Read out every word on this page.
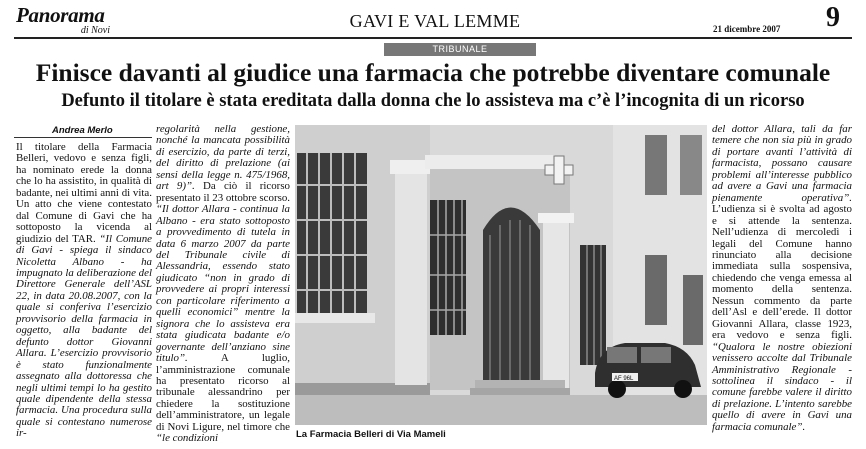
Panorama
di Novi	GAVI E VAL LEMME	21 dicembre 2007 9
TRIBUNALE
Finisce davanti al giudice una farmacia che potrebbe diventare comunale
Defunto il titolare è stata ereditata dalla donna che lo assisteva ma c’è l’incognita di un ricorso
Andrea Merlo

Il titolare della Farmacia Belleri, vedovo e senza figli, ha nominato erede la donna che lo ha assistito, in qualità di badante, nei ultimi anni di vita. Un atto che viene contestato dal Comune di Gavi che ha sottoposto la vicenda al giudizio del TAR. “Il Comune di Gavi - spiega il sindaco Nicoletta Albano - ha impugnato la deliberazione del Direttore Generale dell’ASL 22, in data 20.08.2007, con la quale si conferiva l’esercizio provvisorio della farmacia in oggetto, alla badante del defunto dottor Giovanni Allara. L’esercizio provvisorio è stato funzionalmente assegnato alla dottoressa che negli ultimi tempi lo ha gestito quale dipendente della stessa farmacia. Una procedura sulla quale si contestano numerose ir-

regolarità nella gestione, nonché la mancata possibilità di esercizio, da parte di terzi, del diritto di prelazione (ai sensi della legge n. 475/1968, art 9)”. Da ciò il ricorso presentato il 23 ottobre scorso. “Il dottor Allara - continua la Albano - era stato sottoposto a provvedimento di tutela in data 6 marzo 2007 da parte del Tribunale civile di Alessandria, essendo stato giudicato “non in grado di provvedere ai propri interessi con particolare riferimento a quelli economici” mentre la signora che lo assisteva era stata giudicata badante e/o governante dell’anziano sine titulo”. A luglio, l’amministrazione comunale ha presentato ricorso al tribunale alessandrino per chiedere la sostituzione dell’amministratore, un legale di Novi Ligure, nel timore che “le condizioni

AF 96L
La Farmacia Belleri di Via Mameli

del dottor Allara, tali da far temere che non sia più in grado di portare avanti l’attività di farmacista, possano causare problemi all’interesse pubblico ad avere a Gavi una farmacia pienamente operativa”. L’udienza si è svolta ad agosto e si attende la sentenza. Nell’udienza di mercoledì i legali del Comune hanno rinunciato alla decisione immediata sulla sospensiva, chiedendo che venga emessa al momento della sentenza. Nessun commento da parte dell’Asl e dell’erede. Il dottor Giovanni Allara, classe 1923, era vedovo e senza figli. “Qualora le nostre obiezioni venissero accolte dal Tribunale Amministrativo Regionale - sottolinea il sindaco - il comune farebbe valere il diritto di prelazione. L’intento sarebbe quello di avere in Gavi una farmacia comunale”.
